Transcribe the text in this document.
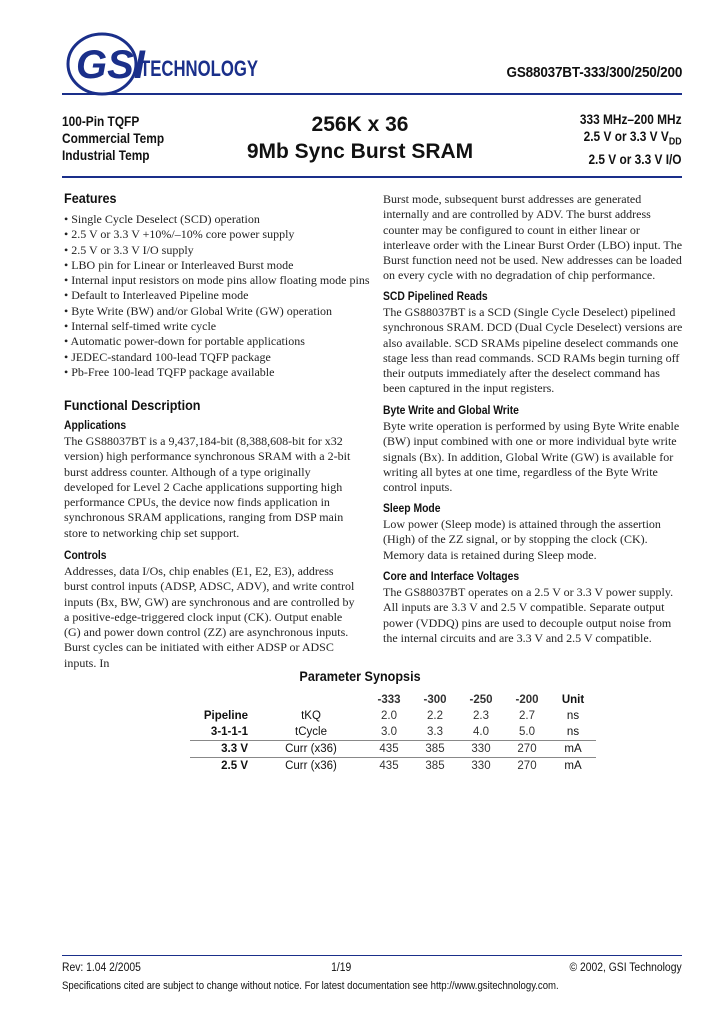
GSI
TECHNOLOGY	GS88037BT-333/300/250/200
100-Pin TQFP
Commercial Temp
Industrial Temp
256K x 36
9Mb Sync Burst SRAM
333 MHz–200 MHz
2.5 V or 3.3 V $V_{DD}$
2.5 V or 3.3 V I/O
Features
• Single Cycle Deselect (SCD) operation
• 2.5 V or 3.3 V +10%/–10% core power supply
• 2.5 V or 3.3 V I/O supply
• LBO pin for Linear or Interleaved Burst mode
• Internal input resistors on mode pins allow floating mode pins
• Default to Interleaved Pipeline mode
• Byte Write (BW) and/or Global Write (GW) operation
• Internal self-timed write cycle
• Automatic power-down for portable applications
• JEDEC-standard 100-lead TQFP package
• Pb-Free 100-lead TQFP package available
Functional Description
Applications
The GS88037BT is a 9,437,184-bit (8,388,608-bit for x32 version) high performance synchronous SRAM with a 2-bit burst address counter. Although of a type originally developed for Level 2 Cache applications supporting high performance CPUs, the device now finds application in synchronous SRAM applications, ranging from DSP main store to networking chip set support.
Controls
Addresses, data I/Os, chip enables (E1, E2, E3), address burst control inputs (ADSP, ADSC, ADV), and write control inputs (Bx, BW, GW) are synchronous and are controlled by a positive-edge-triggered clock input (CK). Output enable (G) and power down control (ZZ) are asynchronous inputs. Burst cycles can be initiated with either ADSP or ADSC inputs. In
Burst mode, subsequent burst addresses are generated internally and are controlled by ADV. The burst address counter may be configured to count in either linear or interleave order with the Linear Burst Order (LBO) input. The Burst function need not be used. New addresses can be loaded on every cycle with no degradation of chip performance.
SCD Pipelined Reads
The GS88037BT is a SCD (Single Cycle Deselect) pipelined synchronous SRAM. DCD (Dual Cycle Deselect) versions are also available. SCD SRAMs pipeline deselect commands one stage less than read commands. SCD RAMs begin turning off their outputs immediately after the deselect command has been captured in the input registers.
Byte Write and Global Write
Byte write operation is performed by using Byte Write enable (BW) input combined with one or more individual byte write signals (Bx). In addition, Global Write (GW) is available for writing all bytes at one time, regardless of the Byte Write control inputs.
Sleep Mode
Low power (Sleep mode) is attained through the assertion (High) of the ZZ signal, or by stopping the clock (CK). Memory data is retained during Sleep mode.
Core and Interface Voltages
The GS88037BT operates on a 2.5 V or 3.3 V power supply. All inputs are 3.3 V and 2.5 V compatible. Separate output power (VDDQ) pins are used to decouple output noise from the internal circuits and are 3.3 V and 2.5 V compatible.
Parameter Synopsis
		-333	-300	-250	-200	Unit
Pipeline	tKQ	2.0	2.2	2.3	2.7	ns
3-1-1-1	tCycle	3.0	3.3	4.0	5.0	ns
3.3 V	Curr (x36)	435	385	330	270	mA
2.5 V	Curr (x36)	435	385	330	270	mA
Rev: 1.04 2/2005	1/19	© 2002, GSI Technology
Specifications cited are subject to change without notice. For latest documentation see http://www.gsitechnology.com.
